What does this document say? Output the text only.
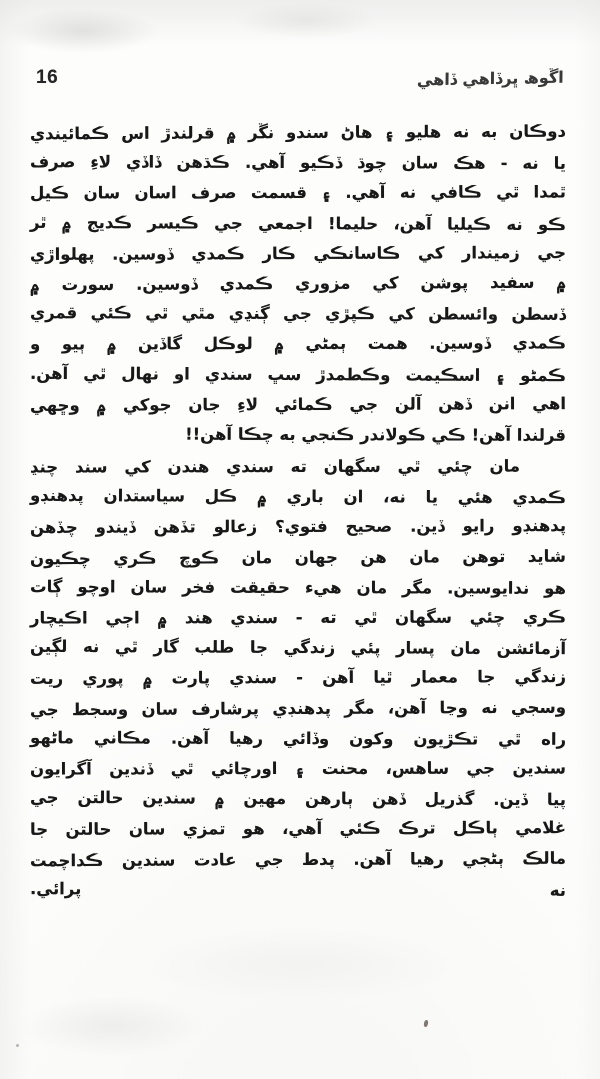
16	اڱوھ ڀرڏاھي ڏاھي
دوڪان به نه هليو ۽ هاڻ سندو نڱر ۾ قرلندڙ اس ڪمائيندي
يا نه - هڪ سان چوڌ ڏڪيو آهي. ڪڌهن ڏاڏي لاءِ صرف
ٿمدا ٿي ڪافي نه آهي. ۽ قسمت صرف اسان سان ڪيل
ڪو نه ڪيليا آهن، حليما! اجمعي جي ڪيسر ڪديج ۾ ٿر
جي زميندار کي ڪاسانڪي ڪار ڪمدي ڏوسين. پهلواڙي
۾ سفيد پوشن کي مزوري ڪمدي ڏوسين. سورت ۾
ڏسطن وائسطن کي ڪپڙي جي ڳنڍي مٿي ٿي ڪئي قمري
ڪمدي ڏوسين. همت ٻمڻي ۾ لوڪل گاڏين ۾ ٻيو و
ڪمڻو ۽ اسڪيمت وڪطمدڙ سڀ سندي او نهال ٿي آهن.
اهي انن ڏهن آلن جي ڪمائي لاءِ جان جوکي ۾ وڇهي
قرلندا آهن! ڪي ڪولاندر ڪنجي به چڪا آهن!!
مان چئي ٿي سگهان ته سندي هندن کي سند چنڍ
ڪمدي هئي يا نه، ان باري ۾ ڪل سياستدان پدهنڊو
پدهنڊو رايو ڏين. صحيح فتوي؟ زعالو تڏهن ڏيندو چڏهن
شايد توهن مان هن جهان مان ڪوچ ڪري چڪيون
هو ندايوسين. مگر مان هيء حقيقت فخر سان اوچو ڳات
ڪري چئي سگهان ٿي ته - سندي هند ۾ اڄي اڪيچار
آزمائشن مان پسار پئي زندگي جا طلب گار ٿي نه لڳين
زندگي جا معمار ٿيا آهن - سندي پارت ۾ پوري ريت
وسجي نه وڃا آهن، مگر پدهنڊي پرشارف سان وسجط جي
راه ٿي تڪڙيون وکون وڏائي رهيا آهن. مڪاني ماڻهو
سندين جي ساهس، محنت ۽ اورچائي ٿي ڏندين آگرايون
پيا ڏين. گذريل ڏهن ٻارهن مهين ۾ سندين حالتن جي
غلامي ٻاڪل ترڪ ڪئي آهي، هو تمزي سان حالتن جا
مالڪ ٻڻجي رهيا آهن. پدط جي عادت سندين ڪداچمت
نه پرائي.
